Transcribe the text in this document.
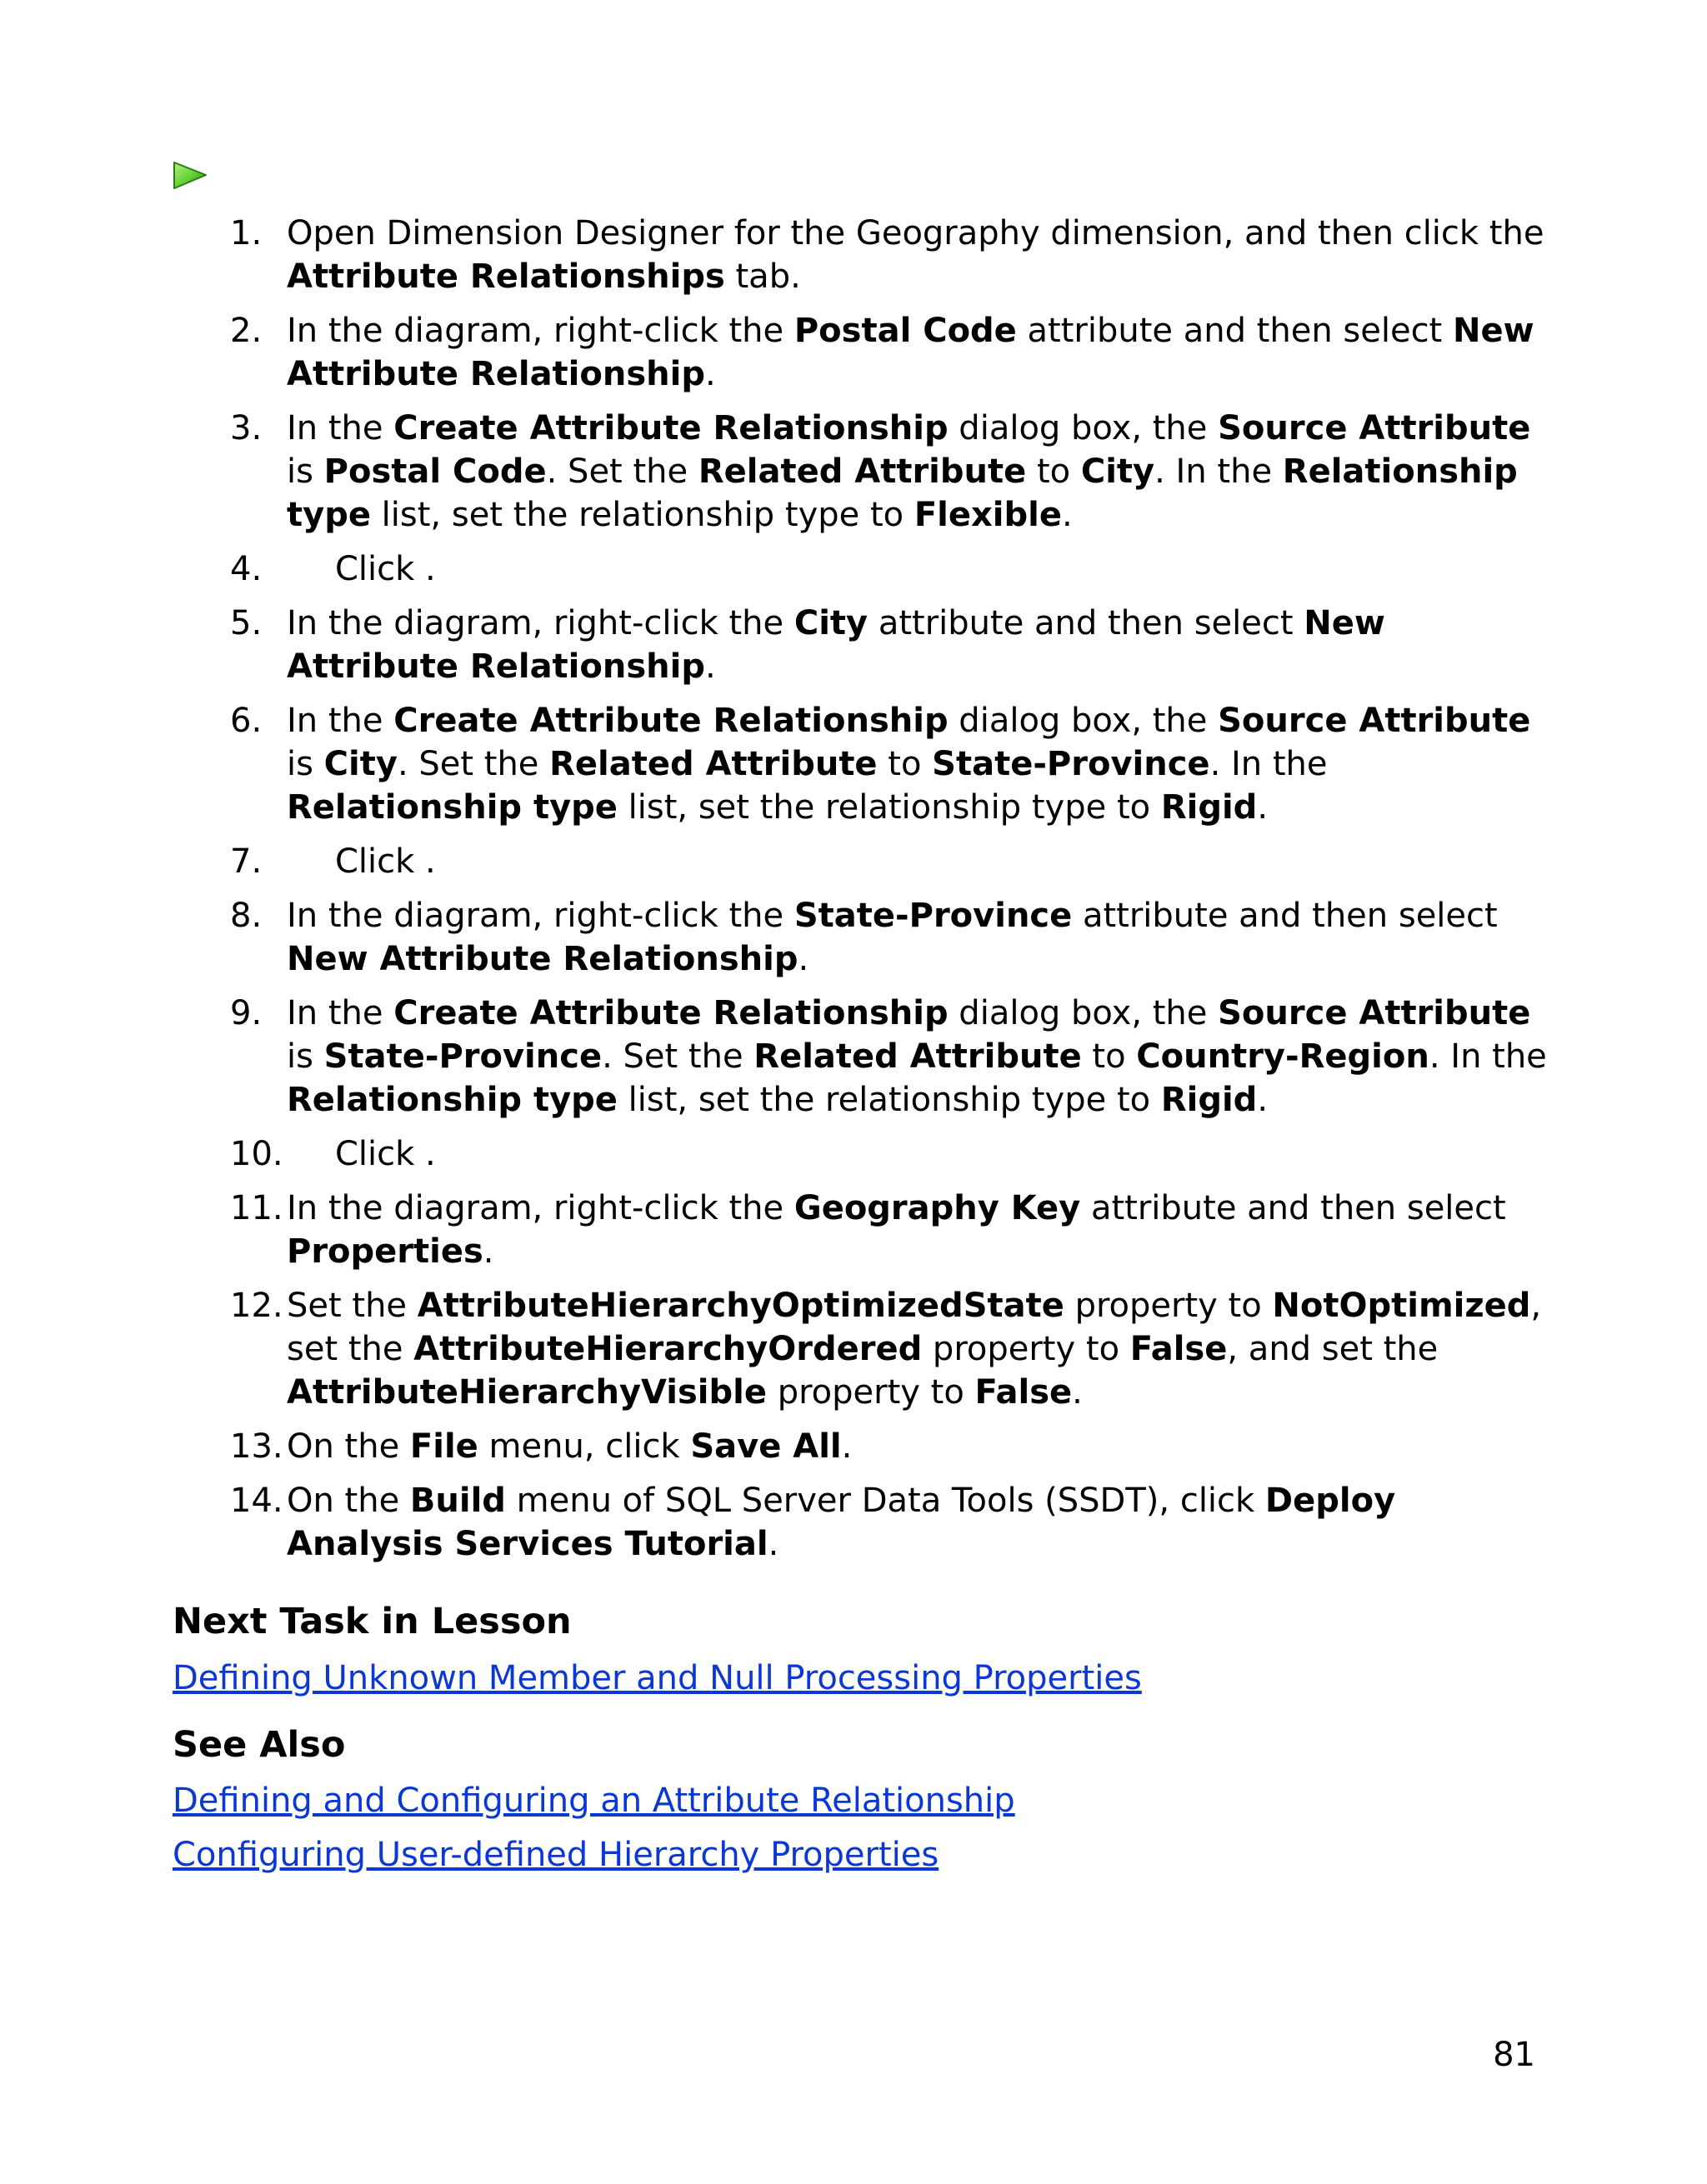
1. Open Dimension Designer for the Geography dimension, and then click the Attribute Relationships tab.
2. In the diagram, right-click the Postal Code attribute and then select New Attribute Relationship.
3. In the Create Attribute Relationship dialog box, the Source Attribute is Postal Code. Set the Related Attribute to City. In the Relationship type list, set the relationship type to Flexible.
4.	Click .
5. In the diagram, right-click the City attribute and then select New Attribute Relationship.
6. In the Create Attribute Relationship dialog box, the Source Attribute is City. Set the Related Attribute to State-Province. In the Relationship type list, set the relationship type to Rigid.
7.	Click .
8. In the diagram, right-click the State-Province attribute and then select New Attribute Relationship.
9. In the Create Attribute Relationship dialog box, the Source Attribute is State-Province. Set the Related Attribute to Country-Region. In the Relationship type list, set the relationship type to Rigid.
10.	Click .
11. In the diagram, right-click the Geography Key attribute and then select Properties.
12. Set the AttributeHierarchyOptimizedState property to NotOptimized, set the AttributeHierarchyOrdered property to False, and set the AttributeHierarchyVisible property to False.
13. On the File menu, click Save All.
14. On the Build menu of SQL Server Data Tools (SSDT), click Deploy Analysis Services Tutorial.
Next Task in Lesson
Defining Unknown Member and Null Processing Properties
See Also
Defining and Configuring an Attribute Relationship
Configuring User-defined Hierarchy Properties
81
